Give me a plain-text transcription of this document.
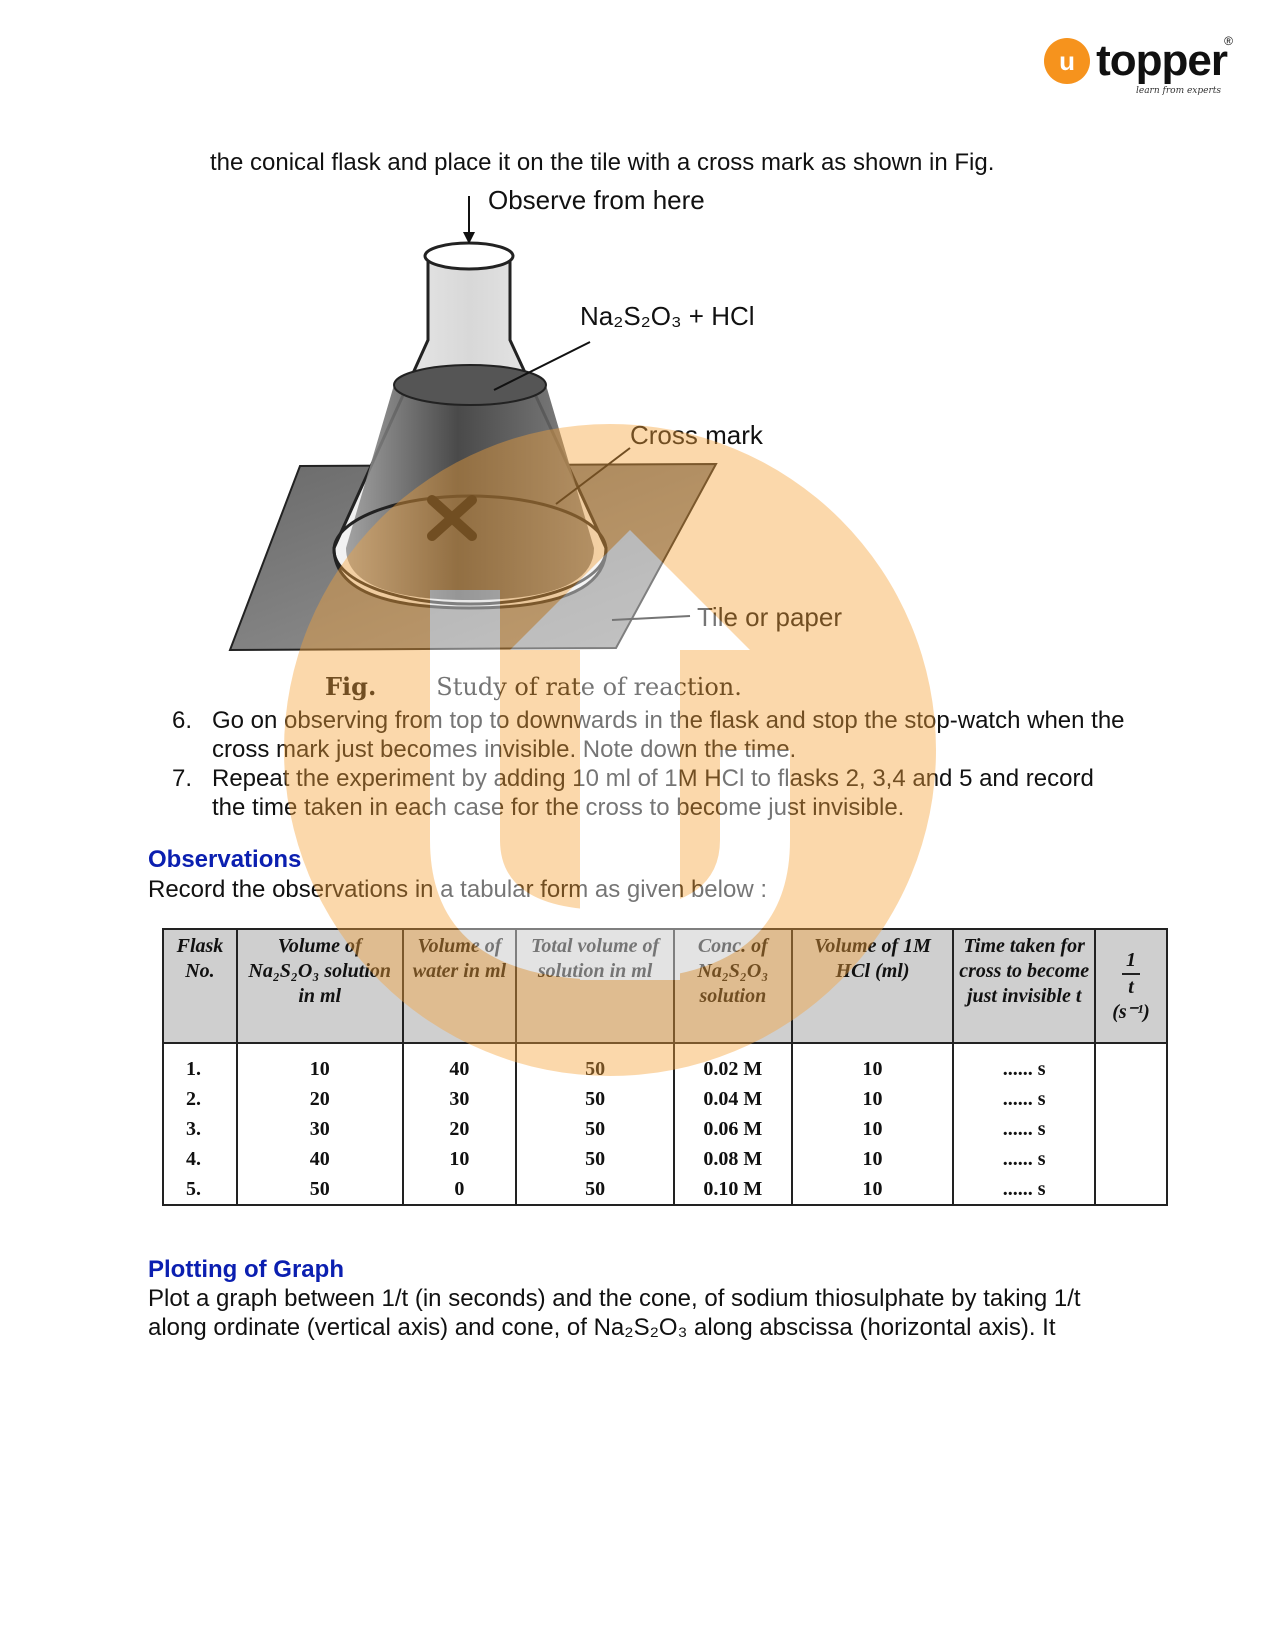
u topper
®
learn from experts
the conical flask and place it on the tile with a cross mark as shown in Fig.
Observe from here
Na₂S₂O₃ + HCl
Cross mark
Tile or paper
Fig.	Study of rate of reaction.
6. Go on observing from top to downwards in the flask and stop the stop-watch when the cross mark just becomes invisible. Note down the time.
7. Repeat the experiment by adding 10 ml of 1M HCl to flasks 2, 3,4 and 5 and record the time taken in each case for the cross to become just invisible.
Observations
Record the observations in a tabular form as given below :
Flask No.	Volume of Na₂S₂O₃ solution in ml	Volume of water in ml	Total volume of solution in ml	Conc. of Na₂S₂O₃ solution	Volume of 1M HCl (ml)	Time taken for cross to become just invisible t	$\frac{1}{t}$
(s⁻¹)

1.	10	40	50	0.02 M	10	...... s	
2.	20	30	50	0.04 M	10	...... s	
3.	30	20	50	0.06 M	10	...... s	
4.	40	10	50	0.08 M	10	...... s	
5.	50	0	50	0.10 M	10	...... s	
Plotting of Graph
Plot a graph between 1/t (in seconds) and the cone, of sodium thiosulphate by taking 1/t along ordinate (vertical axis) and cone, of Na₂S₂O₃ along abscissa (horizontal axis). It
